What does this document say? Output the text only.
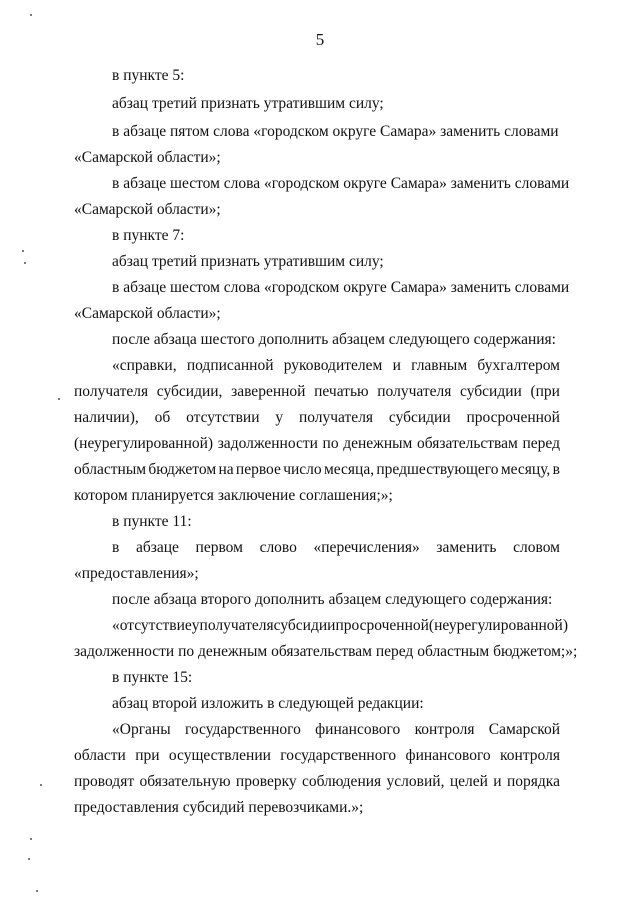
5
в пункте 5:
абзац третий признать утратившим силу;
в абзаце пятом слова «городском округе Самара» заменить словами
«Самарской области»;
в абзаце шестом слова «городском округе Самара» заменить словами
«Самарской области»;
в пункте 7:
абзац третий признать утратившим силу;
в абзаце шестом слова «городском округе Самара» заменить словами
«Самарской области»;
после абзаца шестого дополнить абзацем следующего содержания:
«справки, подписанной руководителем и главным бухгалтером
получателя субсидии, заверенной печатью получателя субсидии (при
наличии), об отсутствии у получателя субсидии просроченной
(неурегулированной) задолженности по денежным обязательствам перед
областным бюджетом на первое число месяца, предшествующего месяцу, в
котором планируется заключение соглашения;»;
в пункте 11:
в абзаце первом слово «перечисления» заменить словом
«предоставления»;
после абзаца второго дополнить абзацем следующего содержания:
«отсутствие у получателя субсидии просроченной (неурегулированной)
задолженности по денежным обязательствам перед областным бюджетом;»;
в пункте 15:
абзац второй изложить в следующей редакции:
«Органы государственного финансового контроля Самарской
области при осуществлении государственного финансового контроля
проводят обязательную проверку соблюдения условий, целей и порядка
предоставления субсидий перевозчиками.»;
